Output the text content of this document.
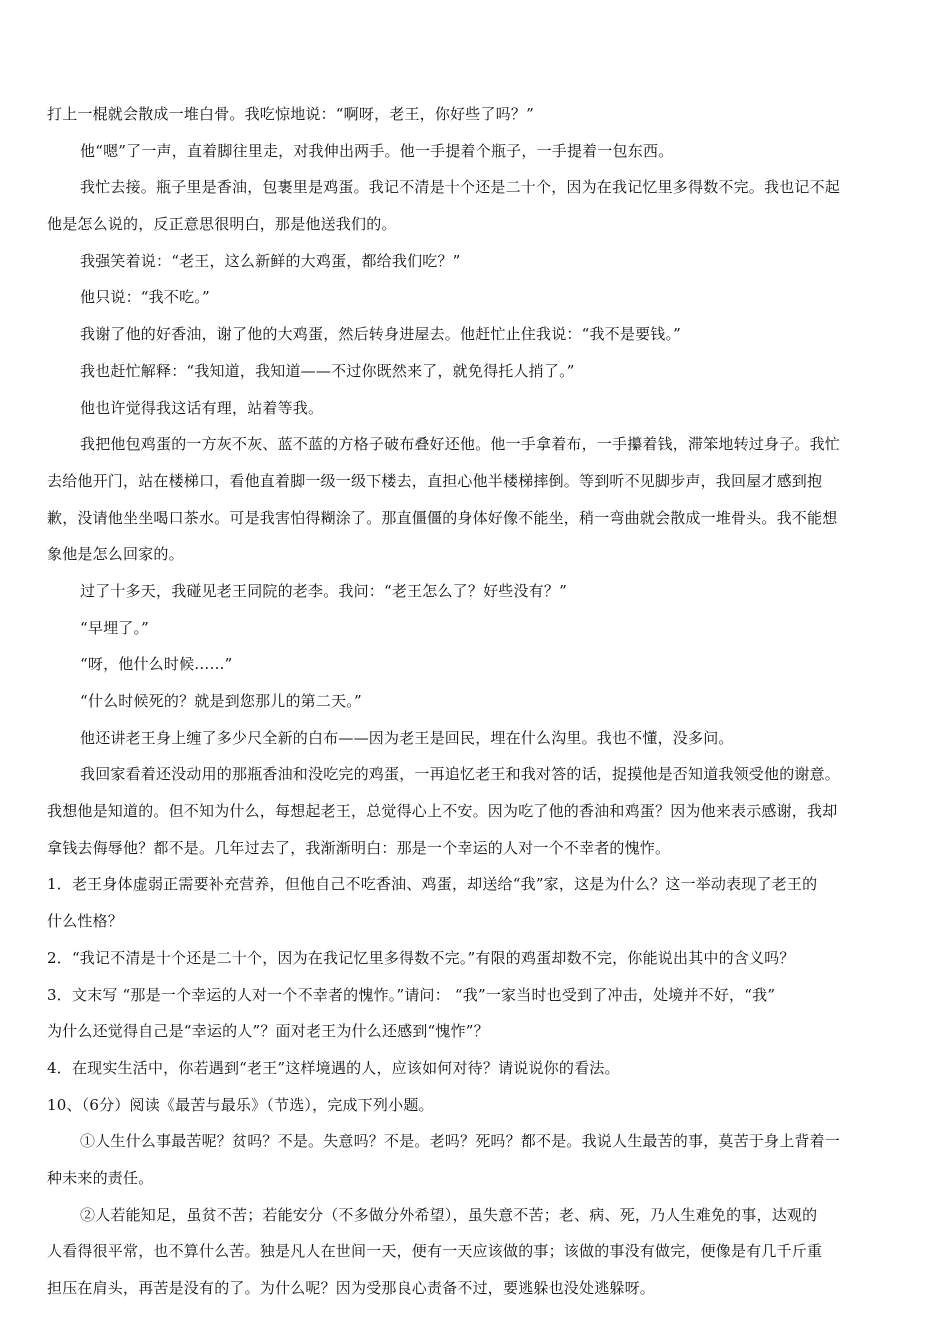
打上一棍就会散成一堆白骨。我吃惊地说：“啊呀，老王，你好些了吗？”
他“嗯”了一声，直着脚往里走，对我伸出两手。他一手提着个瓶子，一手提着一包东西。
我忙去接。瓶子里是香油，包裹里是鸡蛋。我记不清是十个还是二十个，因为在我记忆里多得数不完。我也记不起
他是怎么说的，反正意思很明白，那是他送我们的。
我强笑着说：“老王，这么新鲜的大鸡蛋，都给我们吃？”
他只说：“我不吃。”
我谢了他的好香油，谢了他的大鸡蛋，然后转身进屋去。他赶忙止住我说：“我不是要钱。”
我也赶忙解释：“我知道，我知道——不过你既然来了，就免得托人捎了。”
他也许觉得我这话有理，站着等我。
我把他包鸡蛋的一方灰不灰、蓝不蓝的方格子破布叠好还他。他一手拿着布，一手攥着钱，滞笨地转过身子。我忙
去给他开门，站在楼梯口，看他直着脚一级一级下楼去，直担心他半楼梯摔倒。等到听不见脚步声，我回屋才感到抱
歉，没请他坐坐喝口茶水。可是我害怕得糊涂了。那直僵僵的身体好像不能坐，稍一弯曲就会散成一堆骨头。我不能想
象他是怎么回家的。
过了十多天，我碰见老王同院的老李。我问：“老王怎么了？好些没有？”
“早埋了。”
“呀，他什么时候……”
“什么时候死的？就是到您那儿的第二天。”
他还讲老王身上缠了多少尺全新的白布——因为老王是回民，埋在什么沟里。我也不懂，没多问。
我回家看着还没动用的那瓶香油和没吃完的鸡蛋，一再追忆老王和我对答的话，捉摸他是否知道我领受他的谢意。
我想他是知道的。但不知为什么，每想起老王，总觉得心上不安。因为吃了他的香油和鸡蛋？因为他来表示感谢，我却
拿钱去侮辱他？都不是。几年过去了，我渐渐明白：那是一个幸运的人对一个不幸者的愧怍。
1．老王身体虚弱正需要补充营养，但他自己不吃香油、鸡蛋，却送给“我”家，这是为什么？这一举动表现了老王的
什么性格？
2．“我记不清是十个还是二十个，因为在我记忆里多得数不完。”有限的鸡蛋却数不完，你能说出其中的含义吗？
3．文末写 “那是一个幸运的人对一个不幸者的愧怍。”请问： “我”一家当时也受到了冲击，处境并不好，“我”
为什么还觉得自己是“幸运的人”？面对老王为什么还感到“愧怍”？
4．在现实生活中，你若遇到“老王”这样境遇的人，应该如何对待？请说说你的看法。
10、（6分）阅读《最苦与最乐》（节选），完成下列小题。
①人生什么事最苦呢？贫吗？不是。失意吗？不是。老吗？死吗？都不是。我说人生最苦的事，莫苦于身上背着一
种未来的责任。
②人若能知足，虽贫不苦；若能安分（不多做分外希望），虽失意不苦；老、病、死，乃人生难免的事，达观的
人看得很平常，也不算什么苦。独是凡人在世间一天，便有一天应该做的事；该做的事没有做完，便像是有几千斤重
担压在肩头，再苦是没有的了。为什么呢？因为受那良心责备不过，要逃躲也没处逃躲呀。
